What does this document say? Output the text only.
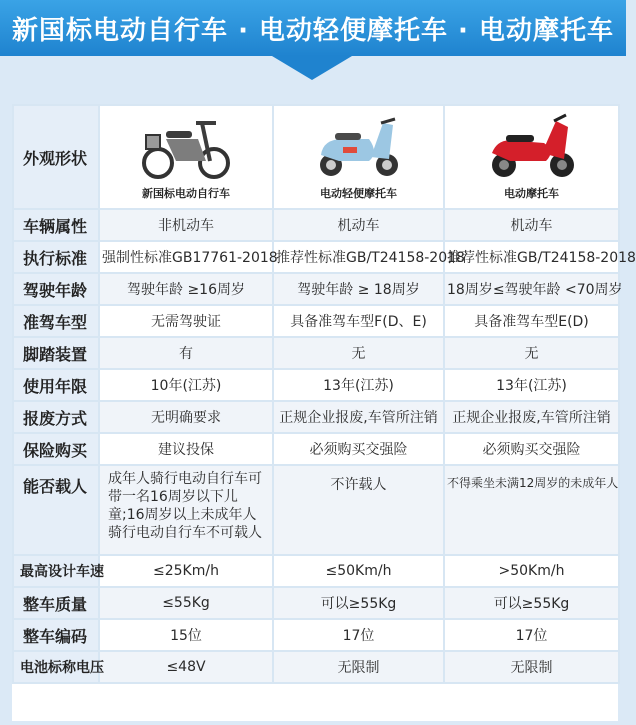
新国标电动自行车 · 电动轻便摩托车 · 电动摩托车
外观形状	新国标电动自行车	电动轻便摩托车	电动摩托车

车辆属性	非机动车	机动车	机动车
执行标准	强制性标准GB17761-2018	推荐性标准GB/T24158-2018	推荐性标准GB/T24158-2018
驾驶年龄	驾驶年龄 ≥16周岁	驾驶年龄 ≥ 18周岁	18周岁≤驾驶年龄 <70周岁
准驾车型	无需驾驶证	具备准驾车型F(D、E)	具备准驾车型E(D)
脚踏装置	有	无	无
使用年限	10年(江苏)	13年(江苏)	13年(江苏)
报废方式	无明确要求	正规企业报废,车管所注销	正规企业报废,车管所注销
保险购买	建议投保	必须购买交强险	必须购买交强险
能否载人	成年人骑行电动自行车可带一名16周岁以下儿童;16周岁以上未成年人骑行电动自行车不可载人	不许载人	不得乘坐未满12周岁的未成年人
最高设计车速	≤25Km/h	≤50Km/h	>50Km/h
整车质量	≤55Kg	可以≥55Kg	可以≥55Kg
整车编码	15位	17位	17位
电池标称电压	≤48V	无限制	无限制
